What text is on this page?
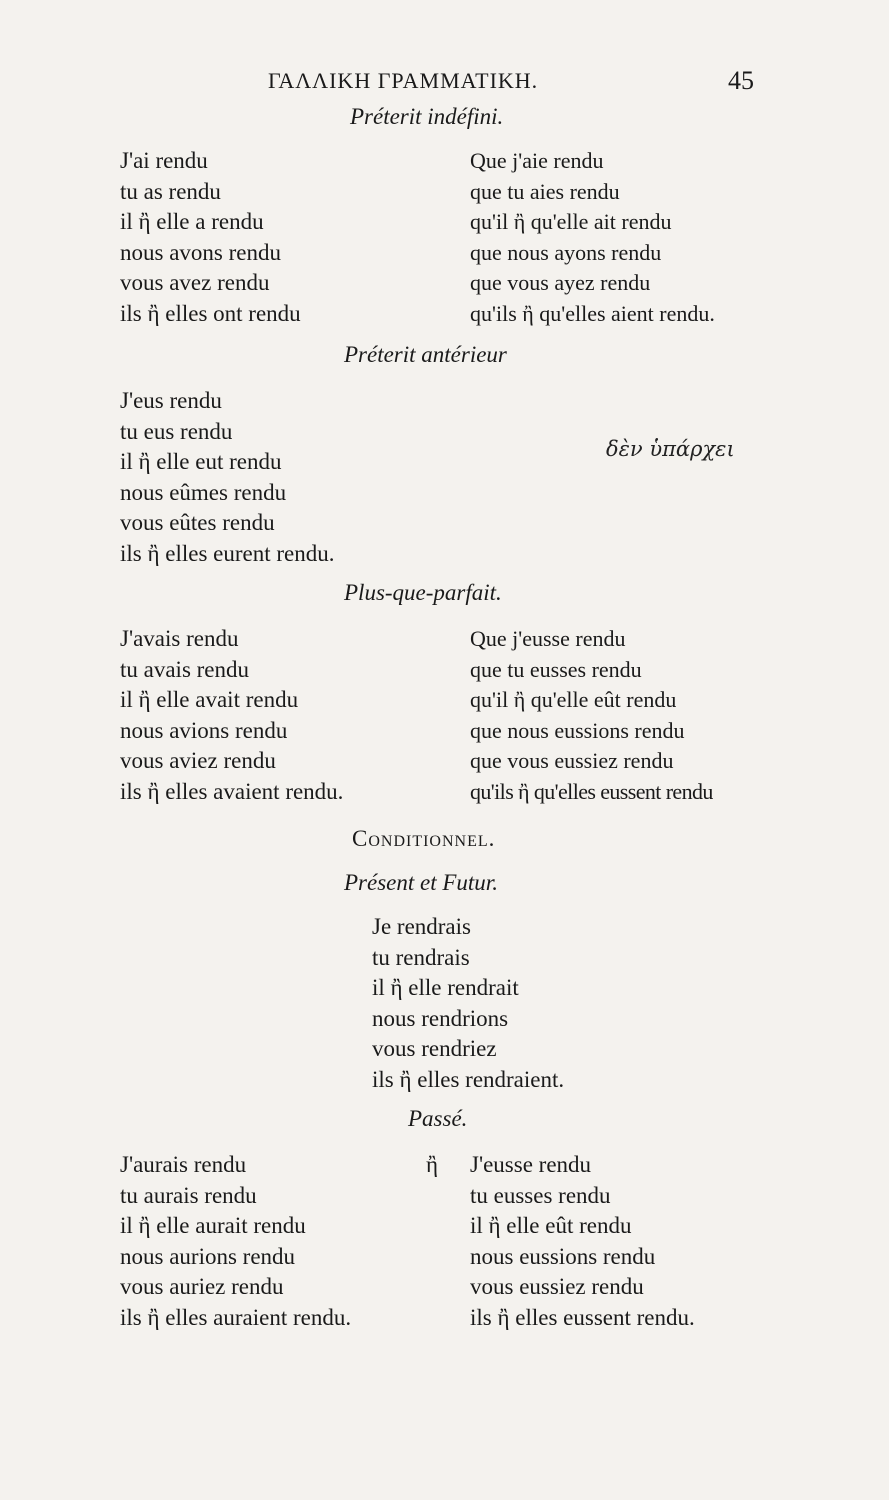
ΓΑΛΛΙΚΗ ΓΡΑΜΜΑΤΙΚΗ.	45
Préterit indéfini.
J'ai rendu
tu as rendu
il ἢ elle a rendu
nous avons rendu
vous avez rendu
ils ἢ elles ont rendu
Que j'aie rendu
que tu aies rendu
qu'il ἢ qu'elle ait rendu
que nous ayons rendu
que vous ayez rendu
qu'ils ἢ qu'elles aient rendu.
Préterit antérieur
J'eus rendu
tu eus rendu
il ἢ elle eut rendu
nous eûmes rendu
vous eûtes rendu
ils ἢ elles eurent rendu.
δὲν ὑπάρχει
Plus-que-parfait.
J'avais rendu
tu avais rendu
il ἢ elle avait rendu
nous avions rendu
vous aviez rendu
ils ἢ elles avaient rendu.
Que j'eusse rendu
que tu eusses rendu
qu'il ἢ qu'elle eût rendu
que nous eussions rendu
que vous eussiez rendu
qu'ils ἢ qu'elles eussent rendu
Conditionnel.
Présent et Futur.
Je rendrais
tu rendrais
il ἢ elle rendrait
nous rendrions
vous rendriez
ils ἢ elles rendraient.
Passé.
J'aurais rendu
tu aurais rendu
il ἢ elle aurait rendu
nous aurions rendu
vous auriez rendu
ils ἢ elles auraient rendu.
ἢ J'eusse rendu
tu eusses rendu
il ἢ elle eût rendu
nous eussions rendu
vous eussiez rendu
ils ἢ elles eussent rendu.
